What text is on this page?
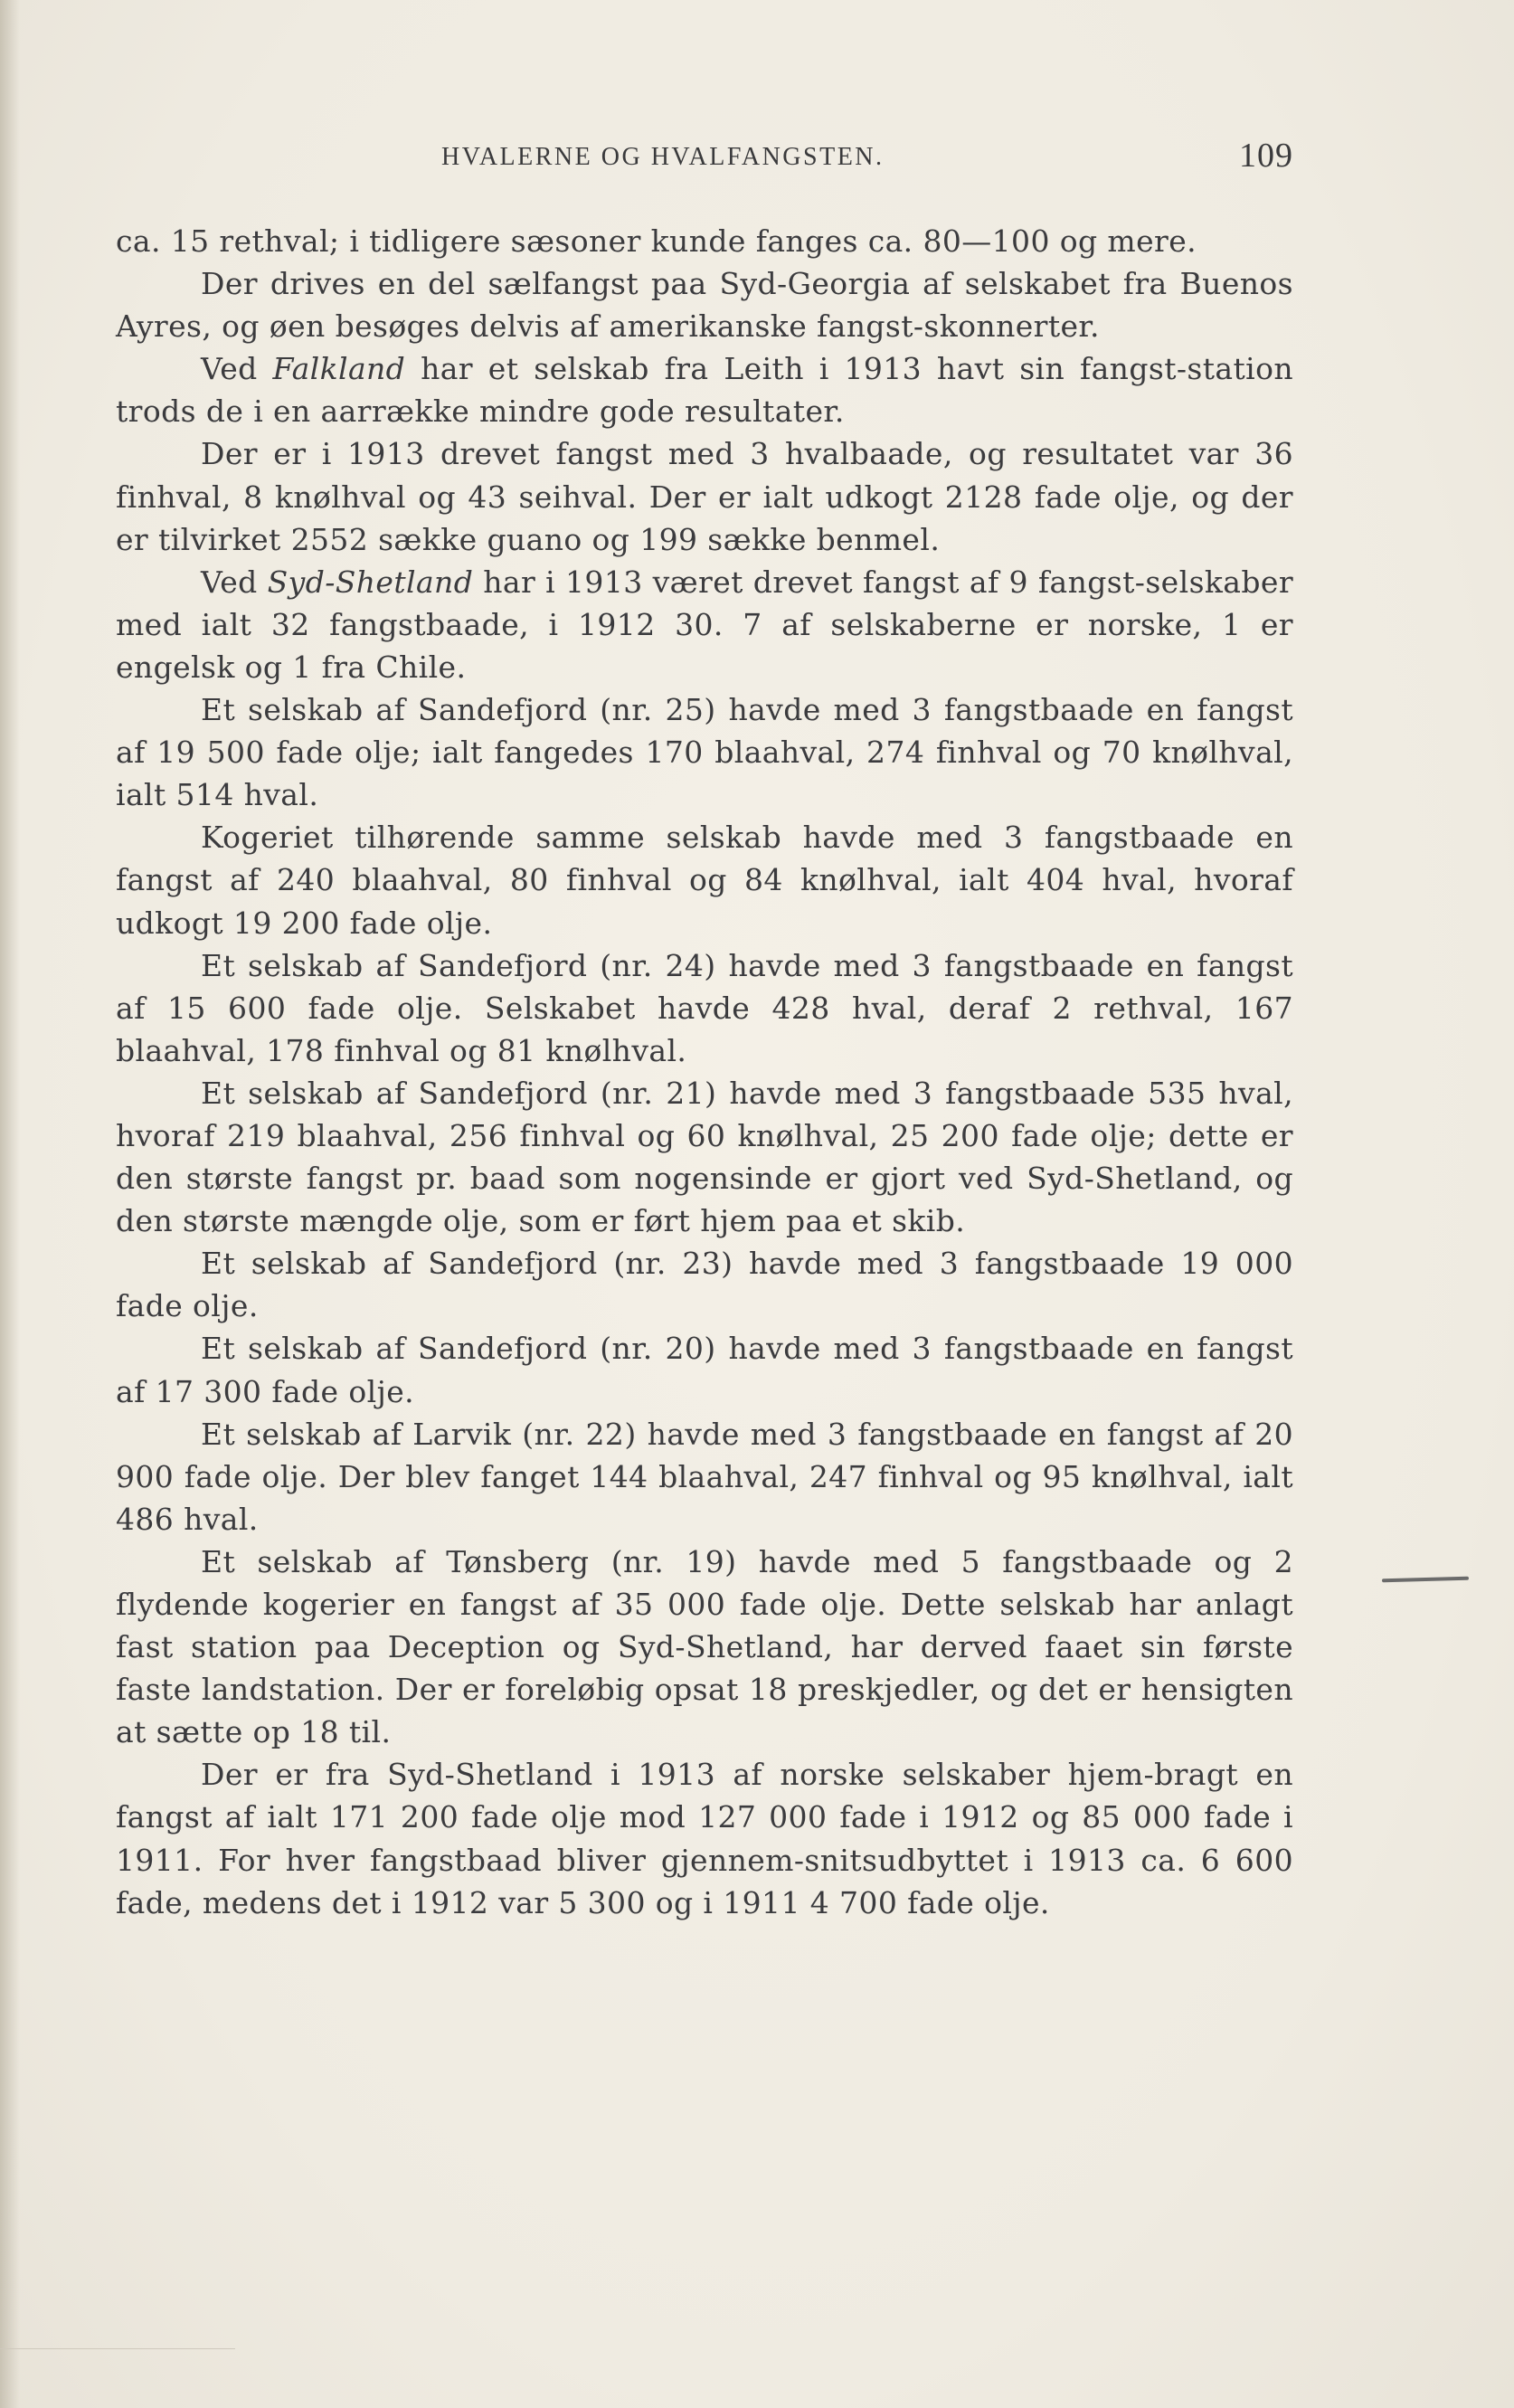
HVALERNE OG HVALFANGSTEN.	109

ca. 15 rethval; i tidligere sæsoner kunde fanges ca. 80—100 og mere.

Der drives en del sælfangst paa Syd-Georgia af selskabet fra Buenos Ayres, og øen besøges delvis af amerikanske fangst-skonnerter.

Ved Falkland har et selskab fra Leith i 1913 havt sin fangst-station trods de i en aarrække mindre gode resultater.

Der er i 1913 drevet fangst med 3 hvalbaade, og resultatet var 36 finhval, 8 knølhval og 43 seihval. Der er ialt udkogt 2128 fade olje, og der er tilvirket 2552 sække guano og 199 sække benmel.

Ved Syd-Shetland har i 1913 været drevet fangst af 9 fangst-selskaber med ialt 32 fangstbaade, i 1912 30. 7 af selskaberne er norske, 1 er engelsk og 1 fra Chile.

Et selskab af Sandefjord (nr. 25) havde med 3 fangstbaade en fangst af 19 500 fade olje; ialt fangedes 170 blaahval, 274 finhval og 70 knølhval, ialt 514 hval.

Kogeriet tilhørende samme selskab havde med 3 fangstbaade en fangst af 240 blaahval, 80 finhval og 84 knølhval, ialt 404 hval, hvoraf udkogt 19 200 fade olje.

Et selskab af Sandefjord (nr. 24) havde med 3 fangstbaade en fangst af 15 600 fade olje. Selskabet havde 428 hval, deraf 2 rethval, 167 blaahval, 178 finhval og 81 knølhval.

Et selskab af Sandefjord (nr. 21) havde med 3 fangstbaade 535 hval, hvoraf 219 blaahval, 256 finhval og 60 knølhval, 25 200 fade olje; dette er den største fangst pr. baad som nogensinde er gjort ved Syd-Shetland, og den største mængde olje, som er ført hjem paa et skib.

Et selskab af Sandefjord (nr. 23) havde med 3 fangstbaade 19 000 fade olje.

Et selskab af Sandefjord (nr. 20) havde med 3 fangstbaade en fangst af 17 300 fade olje.

Et selskab af Larvik (nr. 22) havde med 3 fangstbaade en fangst af 20 900 fade olje. Der blev fanget 144 blaahval, 247 finhval og 95 knølhval, ialt 486 hval.

Et selskab af Tønsberg (nr. 19) havde med 5 fangstbaade og 2 flydende kogerier en fangst af 35 000 fade olje. Dette selskab har anlagt fast station paa Deception og Syd-Shetland, har derved faaet sin første faste landstation. Der er foreløbig opsat 18 preskjedler, og det er hensigten at sætte op 18 til.

Der er fra Syd-Shetland i 1913 af norske selskaber hjem-bragt en fangst af ialt 171 200 fade olje mod 127 000 fade i 1912 og 85 000 fade i 1911. For hver fangstbaad bliver gjennem-snitsudbyttet i 1913 ca. 6 600 fade, medens det i 1912 var 5 300 og i 1911 4 700 fade olje.
